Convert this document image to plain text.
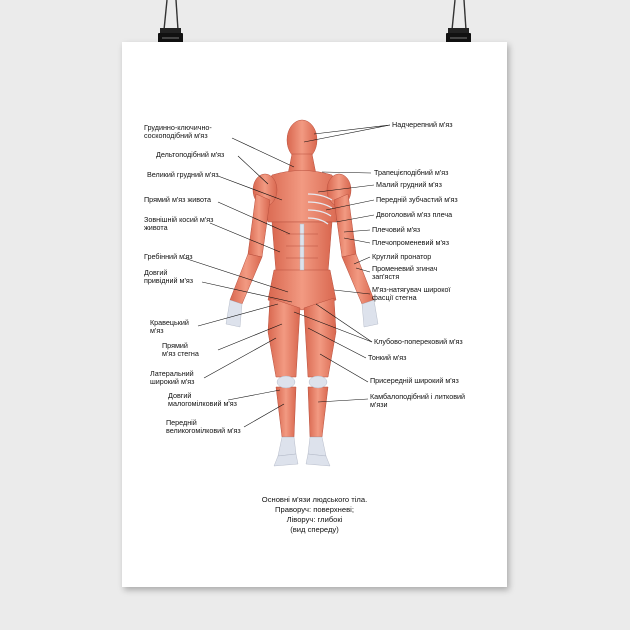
Грудинно-ключично-
соскоподібний м'яз
Дельтоподібний м'яз
Великий грудний м'яз
Прямий м'яз живота
Зовнішній косий м'яз
живота
Гребінний м'яз
Довгий
привідний м'яз
Кравецький
м'яз
Прямий
м'яз стегна
Латеральний
широкий м'яз
Довгий
малогомілковий м'яз
Передній
великогомілковий м'яз
Надчерепний м'яз
Трапецієподібний м'яз
Малий грудний м'яз
Передній зубчастий м'яз
Двоголовий м'яз плеча
Плечовий м'яз
Плечопроменевий м'яз
Круглий пронатор
Променевий згинач
зап'ястя
М'яз-натягувач широкої
фасції стегна
Клубово-поперековий м'яз
Тонкий м'яз
Присередній широкий м'яз
Камбалоподібний і литковий
м'язи
Основні м'язи людського тіла.
Праворуч: поверхневі;
Ліворуч: глибокі
(вид спереду)
